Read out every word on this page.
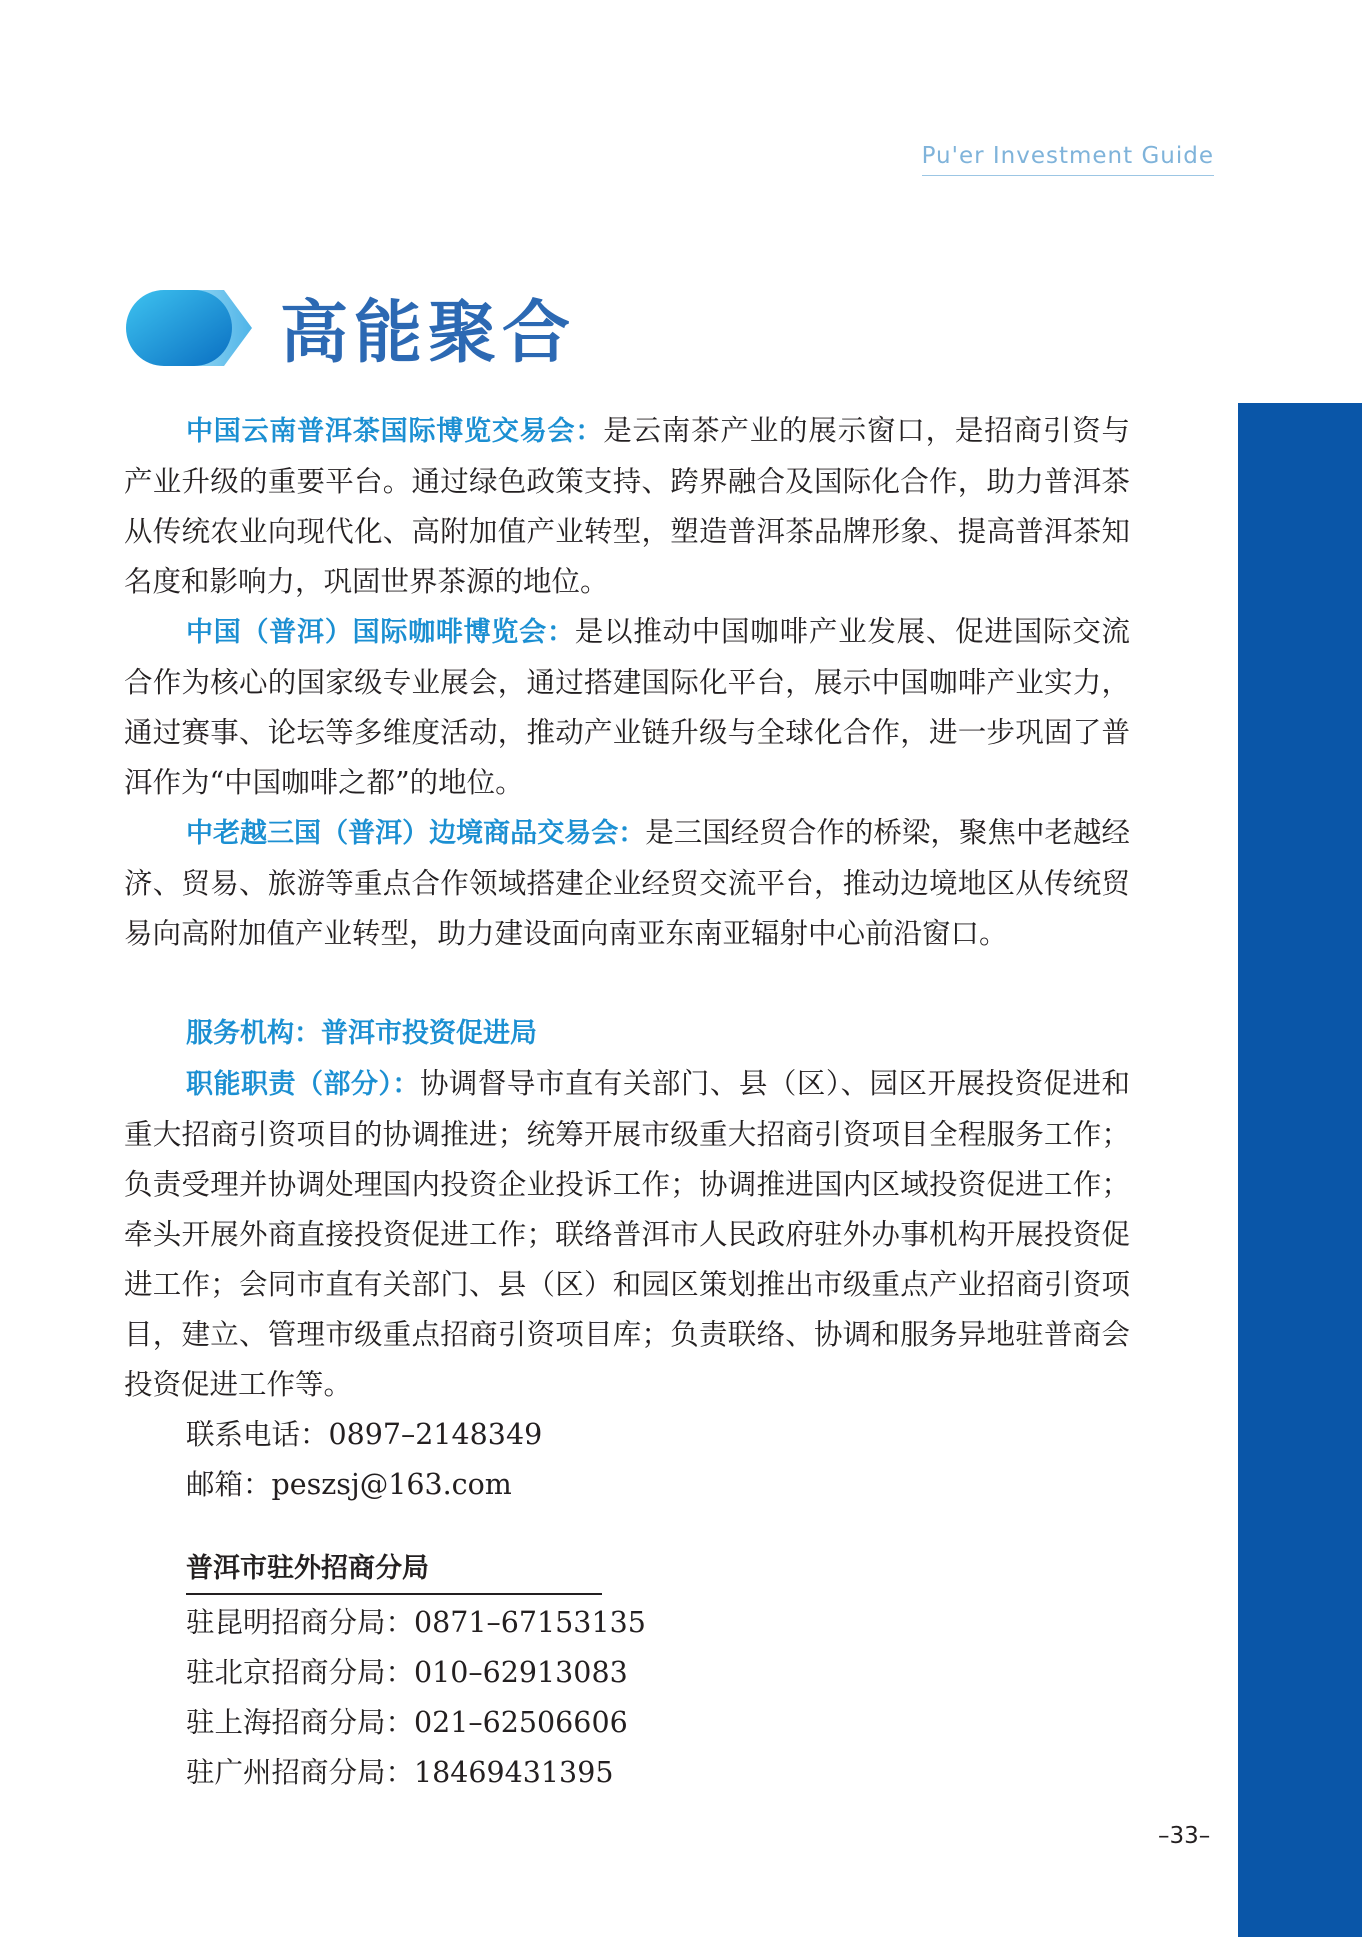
Pu'er Investment Guide
高能聚合

中国云南普洱茶国际博览交易会：是云南茶产业的展示窗口，是招商引资与产业升级的重要平台。通过绿色政策支持、跨界融合及国际化合作，助力普洱茶从传统农业向现代化、高附加值产业转型，塑造普洱茶品牌形象、提高普洱茶知名度和影响力，巩固世界茶源的地位。

中国（普洱）国际咖啡博览会：是以推动中国咖啡产业发展、促进国际交流合作为核心的国家级专业展会，通过搭建国际化平台，展示中国咖啡产业实力，通过赛事、论坛等多维度活动，推动产业链升级与全球化合作，进一步巩固了普洱作为“中国咖啡之都”的地位。

中老越三国（普洱）边境商品交易会：是三国经贸合作的桥梁，聚焦中老越经济、贸易、旅游等重点合作领域搭建企业经贸交流平台，推动边境地区从传统贸易向高附加值产业转型，助力建设面向南亚东南亚辐射中心前沿窗口。

服务机构：普洱市投资促进局

职能职责（部分）：协调督导市直有关部门、县（区）、园区开展投资促进和重大招商引资项目的协调推进；统筹开展市级重大招商引资项目全程服务工作；负责受理并协调处理国内投资企业投诉工作；协调推进国内区域投资促进工作；牵头开展外商直接投资促进工作；联络普洱市人民政府驻外办事机构开展投资促进工作；会同市直有关部门、县（区）和园区策划推出市级重点产业招商引资项目，建立、管理市级重点招商引资项目库；负责联络、协调和服务异地驻普商会投资促进工作等。

联系电话：0897–2148349

邮箱：peszsj@163.com

普洱市驻外招商分局
驻昆明招商分局：0871–67153135
驻北京招商分局：010–62913083
驻上海招商分局：021–62506606
驻广州招商分局：18469431395
–33–
